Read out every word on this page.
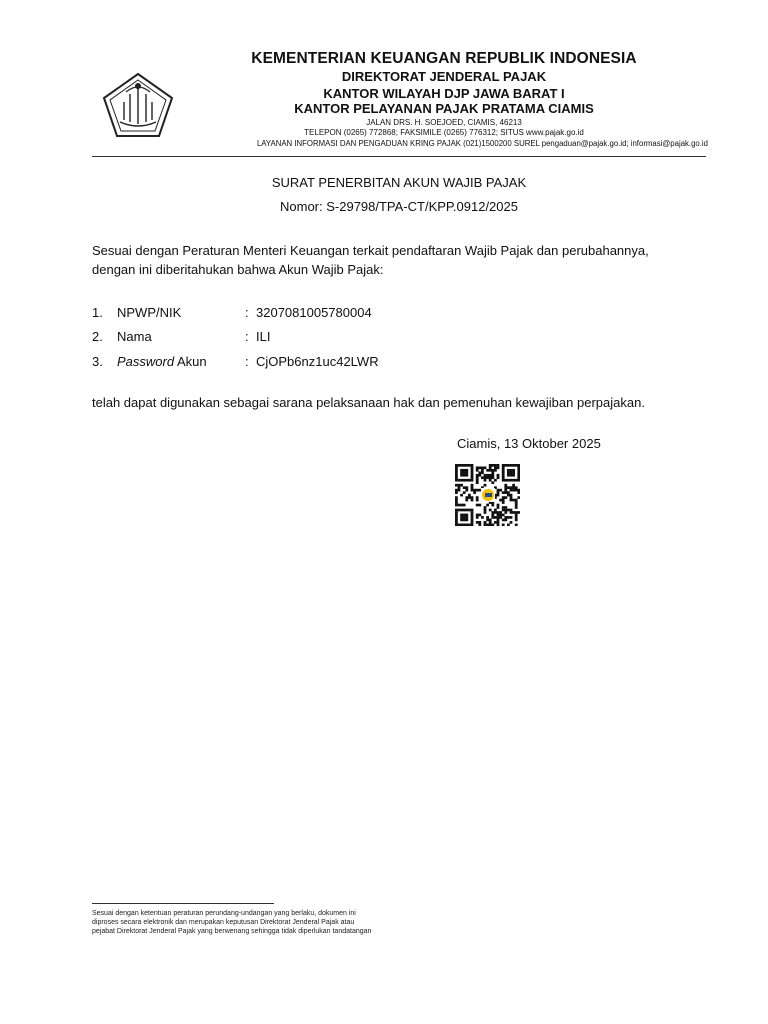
KEMENTERIAN KEUANGAN REPUBLIK INDONESIA
DIREKTORAT JENDERAL PAJAK
KANTOR WILAYAH DJP JAWA BARAT I
KANTOR PELAYANAN PAJAK PRATAMA CIAMIS
JALAN DRS. H. SOEJOED, CIAMIS, 46213
TELEPON (0265) 772868; FAKSIMILE (0265) 776312; SITUS www.pajak.go.id
LAYANAN INFORMASI DAN PENGADUAN KRING PAJAK (021)1500200 SUREL pengaduan@pajak.go.id; informasi@pajak.go.id
SURAT PENERBITAN AKUN WAJIB PAJAK
Nomor: S-29798/TPA-CT/KPP.0912/2025
Sesuai dengan Peraturan Menteri Keuangan terkait pendaftaran Wajib Pajak dan perubahannya,
dengan ini diberitahukan bahwa Akun Wajib Pajak:
1. NPWP/NIK	: 3207081005780004
2. Nama	: ILI
3. Password Akun	: CjOPb6nz1uc42LWR
telah dapat digunakan sebagai sarana pelaksanaan hak dan pemenuhan kewajiban perpajakan.
Ciamis, 13 Oktober 2025
Sesuai dengan ketentuan peraturan perundang-undangan yang berlaku, dokumen ini
diproses secara elektronik dan merupakan keputusan Direktorat Jenderal Pajak atau
pejabat Direktorat Jenderal Pajak yang berwenang sehingga tidak diperlukan tandatangan
